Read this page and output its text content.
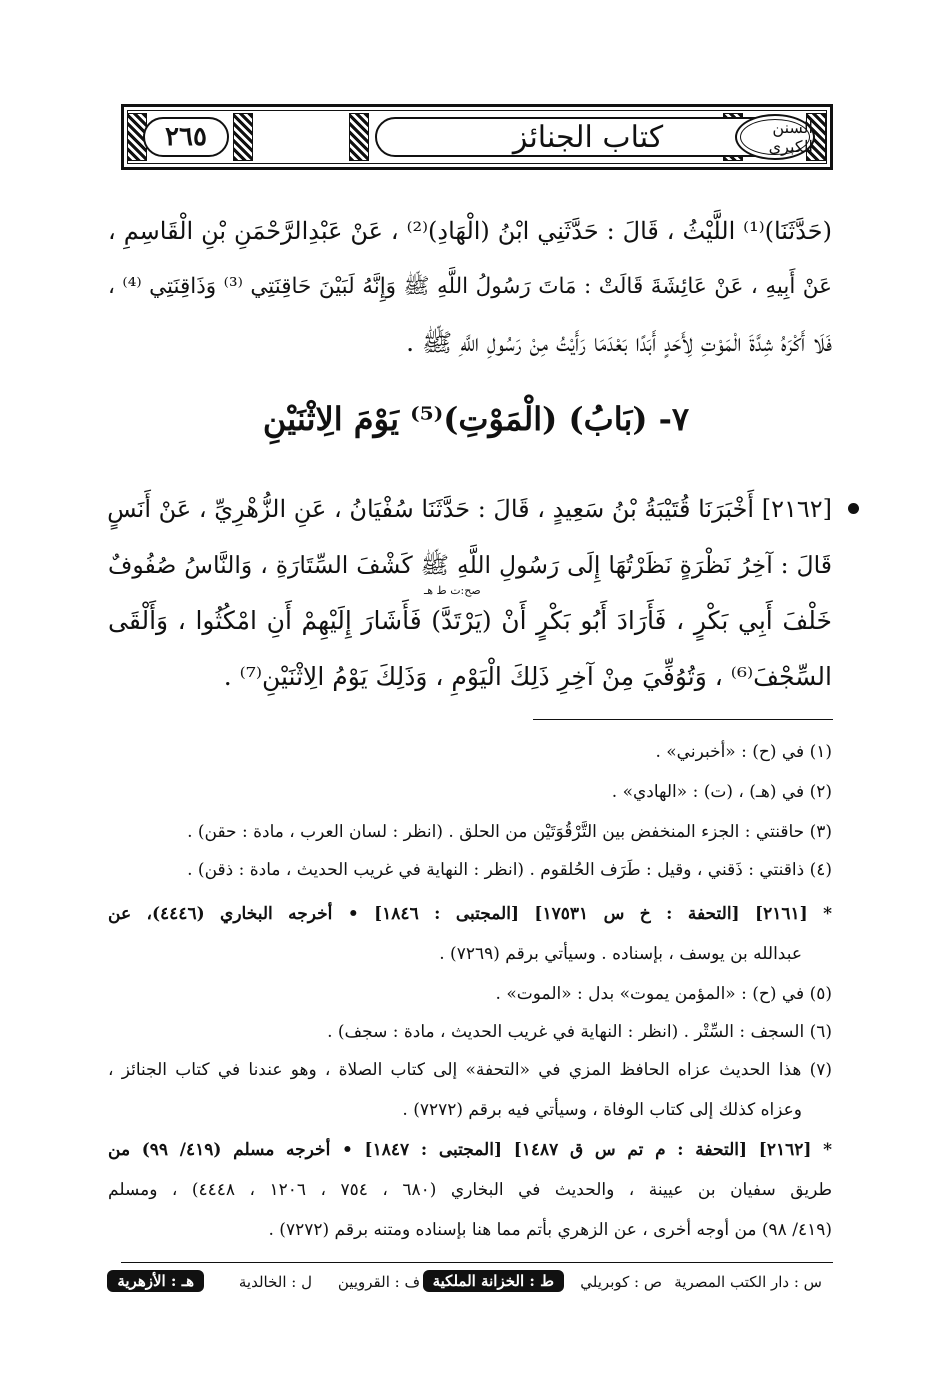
كتاب الجنائز
٢٦٥	السنن الكبرى
(حَدَّثَنَا)⁽¹⁾ اللَّيْثُ ، قَالَ : حَدَّثَنِي ابْنُ (الْهَادِ)⁽²⁾ ، عَنْ عَبْدِالرَّحْمَنِ بْنِ الْقَاسِمِ ،
عَنْ أَبِيهِ ، عَنْ عَائِشَةَ قَالَتْ : مَاتَ رَسُولُ اللَّهِ ﷺ وَإِنَّهُ لَبَيْنَ حَاقِنَتِي ⁽³⁾ وَذَاقِنَتِي ⁽⁴⁾ ،
فَلَا أَكْرَهُ شِدَّةَ الْمَوْتِ لِأَحَدٍ أَبَدًا بَعْدَمَا رَأَيْتُ مِنْ رَسُولِ اللَّهِ ﷺ .
٧- (بَابُ) (الْمَوْتِ)⁽⁵⁾ يَوْمَ الِاثْنَيْنِ
[٢١٦٢] أَخْبَرَنَا قُتَيْبَةُ بْنُ سَعِيدٍ ، قَالَ : حَدَّثَنَا سُفْيَانُ ، عَنِ الزُّهْرِيِّ ، عَنْ أَنَسٍ
قَالَ : آخِرُ نَظْرَةٍ نَظَرْتُهَا إِلَى رَسُولِ اللَّهِ ﷺ كَشْفَ السِّتَارَةِ ، وَالنَّاسُ صُفُوفٌ
خَلْفَ أَبِي بَكْرٍ ، فَأَرَادَ أَبُو بَكْرٍ أَنْ (يَرْتَدَّ) فَأَشَارَ إِلَيْهِمْ أَنِ امْكُثُوا ، وَأَلْقَى
السِّجْفَ⁽⁶⁾ ، وَتُوُفِّيَ مِنْ آخِرِ ذَلِكَ الْيَوْمِ ، وَذَلِكَ يَوْمُ الِاثْنَيْنِ⁽⁷⁾ .
صح:ت ط هـ
(١) في (ح) : «أخبرني» .
(٢) في (هـ) ، (ت) : «الهادي» .
(٣) حاقنتي : الجزء المنخفض بين التَّرْقُوَتَيْن من الحلق . (انظر : لسان العرب ، مادة : حقن) .
(٤) ذاقنتي : ذَقني ، وقيل : طَرَف الحُلقوم . (انظر : النهاية في غريب الحديث ، مادة : ذقن) .
* [٢١٦١] [التحفة : خ س ١٧٥٣١] [المجتبى : ١٨٤٦] • أخرجه البخاري (٤٤٤٦)، عن
عبدالله بن يوسف ، بإسناده . وسيأتي برقم (٧٢٦٩) .
(٥) في (ح) : «المؤمن يموت» بدل : «الموت» .
(٦) السجف : السِّتْر . (انظر : النهاية في غريب الحديث ، مادة : سجف) .
(٧) هذا الحديث عزاه الحافظ المزي في «التحفة» إلى كتاب الصلاة ، وهو عندنا في كتاب الجنائز ،
وعزاه كذلك إلى كتاب الوفاة ، وسيأتي فيه برقم (٧٢٧٢) .
* [٢١٦٢] [التحفة : م تم س ق ١٤٨٧] [المجتبى : ١٨٤٧] • أخرجه مسلم (٤١٩/ ٩٩) من
طريق سفيان بن عيينة ، والحديث في البخاري (٦٨٠ ، ٧٥٤ ، ١٢٠٦ ، ٤٤٤٨) ، ومسلم
(٤١٩/ ٩٨) من أوجه أخرى ، عن الزهري بأتم مما هنا بإسناده ومتنه برقم (٧٢٧٢) .
س : دار الكتب المصرية
ص : كوبريلي
ط : الخزانة الملكية
ف : القرويين
ل : الخالدية
هـ : الأزهرية
